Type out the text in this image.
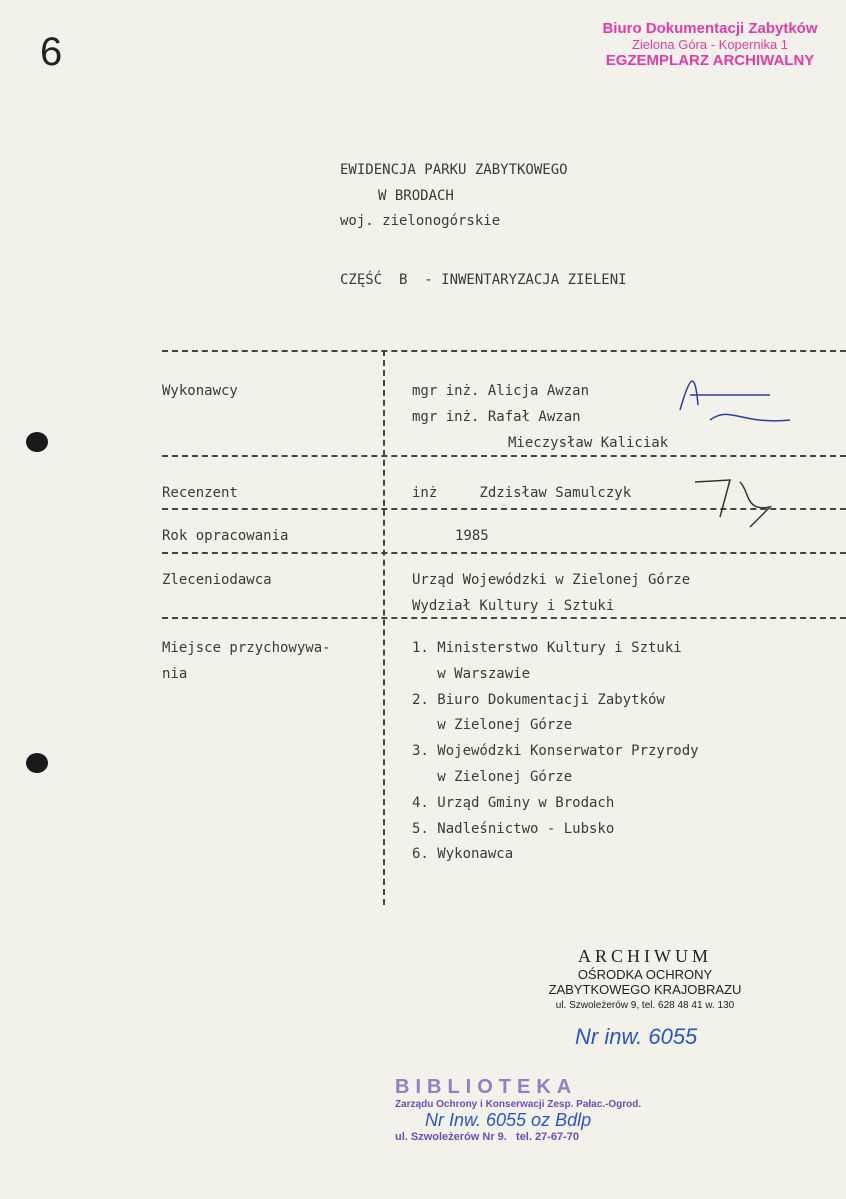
6
Biuro Dokumentacji Zabytków
Zielona Góra - Kopernika 1
EGZEMPLARZ ARCHIWALNY
EWIDENCJA PARKU ZABYTKOWEGO
W BRODACH
woj. zielonogórskie
CZĘŚĆ  B  - INWENTARYZACJA ZIELENI
Wykonawcy	mgr inż. Alicja Awzan
mgr inż. Rafał Awzan
Mieczysław Kaliciak
Recenzent	inż     Zdzisław Samulczyk
Rok opracowania	1985
Zleceniodawca	Urząd Wojewódzki w Zielonej Górze
Wydział Kultury i Sztuki
Miejsce przychowywa-
nia
1. Ministerstwo Kultury i Sztuki
w Warszawie
2. Biuro Dokumentacji Zabytków
w Zielonej Górze
3. Wojewódzki Konserwator Przyrody
w Zielonej Górze
4. Urząd Gminy w Brodach
5. Nadleśnictwo - Lubsko
6. Wykonawca
ARCHIWUM
OŚRODKA OCHRONY
ZABYTKOWEGO KRAJOBRAZU
ul. Szwoleżerów 9, tel. 628 48 41 w. 130
Nr inw. 6055
BIBLIOTEKA
Zarządu Ochrony i Konserwacji Zesp. Pałac.-Ogrod.
Nr Inw. 6055 oz Bdlp
ul. Szwoleżerów Nr 9.   tel. 27-67-70
